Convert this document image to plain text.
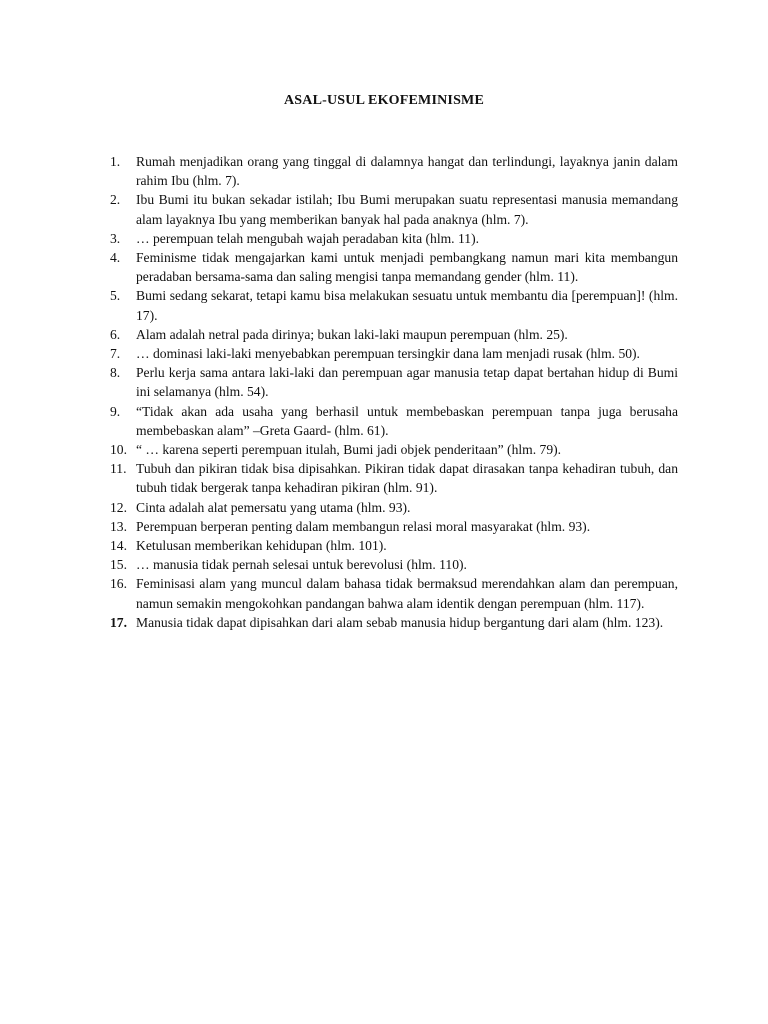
ASAL-USUL EKOFEMINISME
1.	Rumah menjadikan orang yang tinggal di dalamnya hangat dan terlindungi, layaknya janin dalam rahim Ibu (hlm. 7).
2.	Ibu Bumi itu bukan sekadar istilah; Ibu Bumi merupakan suatu representasi manusia memandang alam layaknya Ibu yang memberikan banyak hal pada anaknya (hlm. 7).
3.	… perempuan telah mengubah wajah peradaban kita (hlm. 11).
4.	Feminisme tidak mengajarkan kami untuk menjadi pembangkang namun mari kita membangun peradaban bersama-sama dan saling mengisi tanpa memandang gender (hlm. 11).
5.	Bumi sedang sekarat, tetapi kamu bisa melakukan sesuatu untuk membantu dia [perempuan]! (hlm. 17).
6.	Alam adalah netral pada dirinya; bukan laki-laki maupun perempuan (hlm. 25).
7.	… dominasi laki-laki menyebabkan perempuan tersingkir dana lam menjadi rusak (hlm. 50).
8.	Perlu kerja sama antara laki-laki dan perempuan agar manusia tetap dapat bertahan hidup di Bumi ini selamanya (hlm. 54).
9.	“Tidak akan ada usaha yang berhasil untuk membebaskan perempuan tanpa juga berusaha membebaskan alam” –Greta Gaard- (hlm. 61).
10. “ … karena seperti perempuan itulah, Bumi jadi objek penderitaan” (hlm. 79).
11. Tubuh dan pikiran tidak bisa dipisahkan. Pikiran tidak dapat dirasakan tanpa kehadiran tubuh, dan tubuh tidak bergerak tanpa kehadiran pikiran (hlm. 91).
12. Cinta adalah alat pemersatu yang utama (hlm. 93).
13. Perempuan berperan penting dalam membangun relasi moral masyarakat (hlm. 93).
14. Ketulusan memberikan kehidupan (hlm. 101).
15. … manusia tidak pernah selesai untuk berevolusi (hlm. 110).
16. Feminisasi alam yang muncul dalam bahasa tidak bermaksud merendahkan alam dan perempuan, namun semakin mengokohkan pandangan bahwa alam identik dengan perempuan (hlm. 117).
17. Manusia tidak dapat dipisahkan dari alam sebab manusia hidup bergantung dari alam (hlm. 123).
